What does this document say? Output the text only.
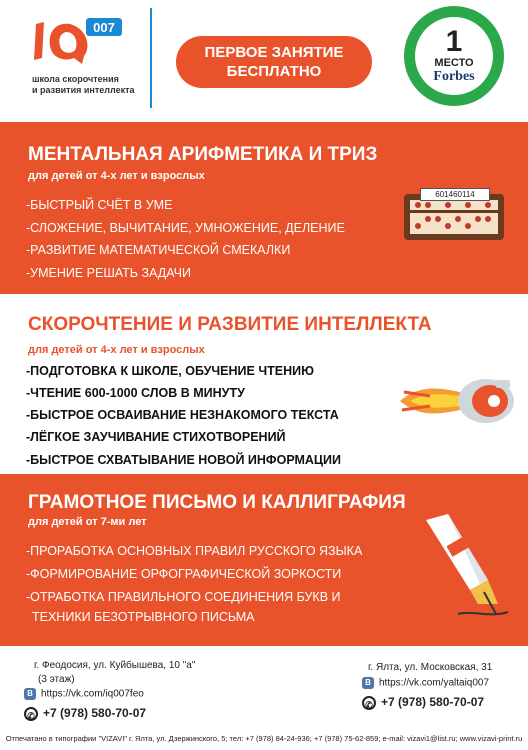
007
школа скорочтения
и развития интеллекта
ПЕРВОЕ ЗАНЯТИЕ
БЕСПЛАТНО
1
МЕСТО
Forbes
МЕНТАЛЬНАЯ АРИФМЕТИКА И ТРИЗ
для детей от 4-х лет и взрослых
-БЫСТРЫЙ СЧЁТ В УМЕ
-СЛОЖЕНИЕ, ВЫЧИТАНИЕ, УМНОЖЕНИЕ, ДЕЛЕНИЕ
-РАЗВИТИЕ МАТЕМАТИЧЕСКОЙ СМЕКАЛКИ
-УМЕНИЕ РЕШАТЬ ЗАДАЧИ
601460114
СКОРОЧТЕНИЕ И РАЗВИТИЕ ИНТЕЛЛЕКТА
для детей от 4-х лет и взрослых
-ПОДГОТОВКА К ШКОЛЕ, ОБУЧЕНИЕ ЧТЕНИЮ
-ЧТЕНИЕ 600-1000 СЛОВ В МИНУТУ
-БЫСТРОЕ ОСВАИВАНИЕ НЕЗНАКОМОГО ТЕКСТА
-ЛЁГКОЕ ЗАУЧИВАНИЕ СТИХОТВОРЕНИЙ
-БЫСТРОЕ СХВАТЫВАНИЕ НОВОЙ ИНФОРМАЦИИ
ГРАМОТНОЕ ПИСЬМО И КАЛЛИГРАФИЯ
для детей от 7-ми лет
-ПРОРАБОТКА ОСНОВНЫХ ПРАВИЛ РУССКОГО ЯЗЫКА
-ФОРМИРОВАНИЕ ОРФОГРАФИЧЕСКОЙ ЗОРКОСТИ
-ОТРАБОТКА ПРАВИЛЬНОГО СОЕДИНЕНИЯ БУКВ И
ТЕХНИКИ БЕЗОТРЫВНОГО ПИСЬМА
г. Феодосия, ул. Куйбышева, 10 "а"
(3 этаж)
B https://vk.com/iq007feo
✆ +7 (978) 580-70-07
г. Ялта, ул. Московская, 31
B https://vk.com/yaltaiq007
✆ +7 (978) 580-70-07
Отпечатано в типографии "VIZAVI" г. Ялта, ул. Дзержинского, 5; тел: +7 (978) 84-24-936; +7 (978) 75-62-859; e-mail: vizavi1@list.ru; www.vizavi-print.ru
